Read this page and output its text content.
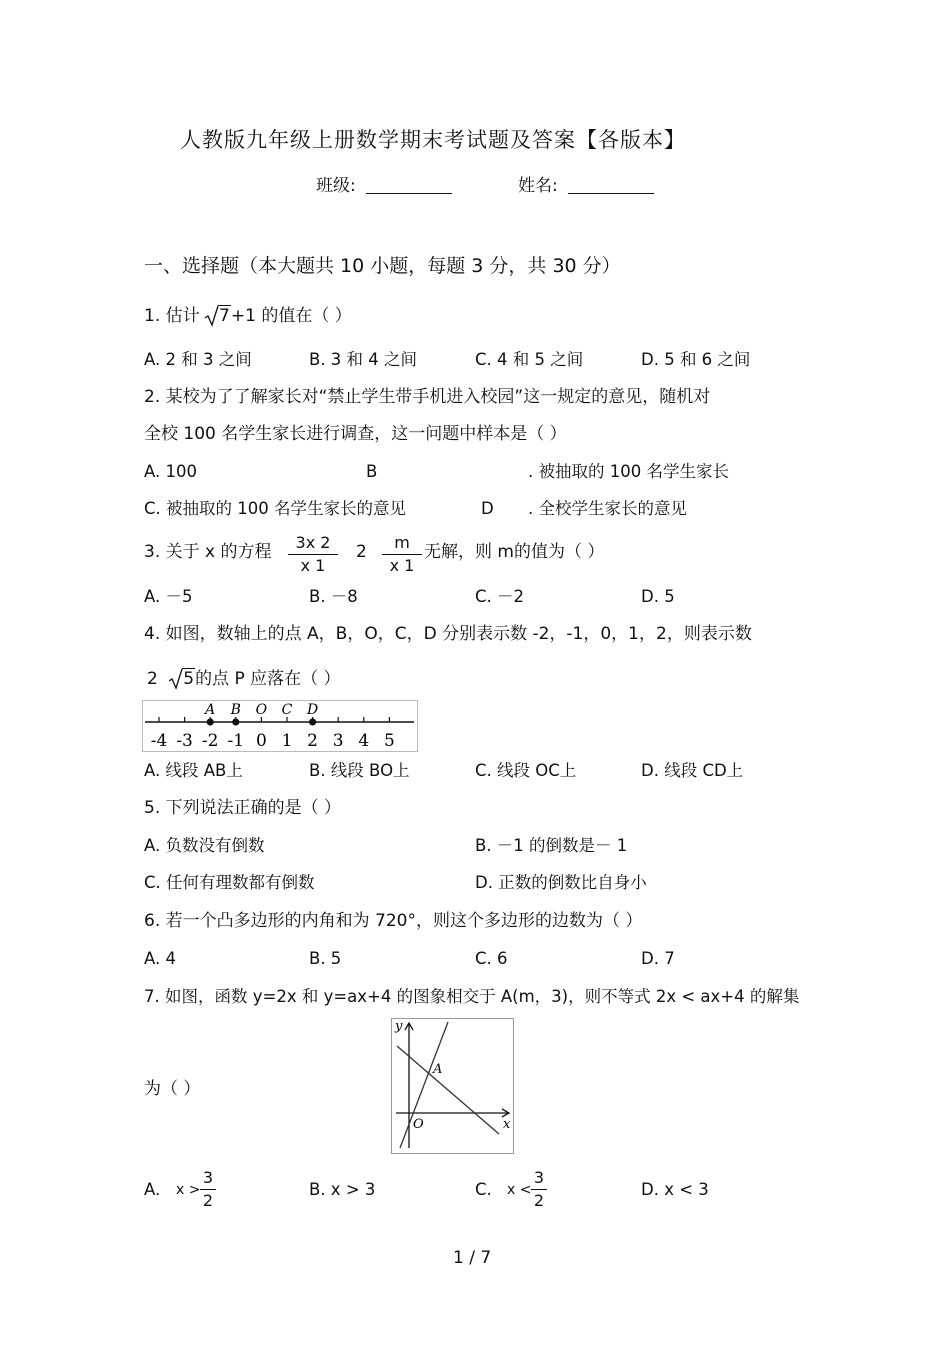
人教版九年级上册数学期末考试题及答案【各版本】
班级:	姓名:
一、选择题（本大题共 10 小题，每题 3 分，共 30 分）
1. 估计 7+1 的值在（ ）
A. 2 和 3 之间	B. 3 和 4 之间	C. 4 和 5 之间	D. 5 和 6 之间
2. 某校为了了解家长对“禁止学生带手机进入校园”这一规定的意见，随机对
全校 100 名学生家长进行调查，这一问题中样本是（ ）
A. 100	B	. 被抽取的 100 名学生家长
C. 被抽取的 100 名学生家长的意见	D . 全校学生家长的意见
3. 关于 x 的方程	3x 2
x 1
2	m
x 1
无解，则 m的值为（ ）
A. －5	B. －8	C. －2	D. 5
4. 如图，数轴上的点 A，B，O，C，D 分别表示数 -2，-1，0，1，2，则表示数
2 5的点 P 应落在（ ）
-4 -3 -2 -1 0 1 2 3 4 5
A B O C D
A. 线段 AB上	B. 线段 BO上	C. 线段 OC上	D. 线段 CD上
5. 下列说法正确的是（ ）
A. 负数没有倒数	B. －1 的倒数是－ 1
C. 任何有理数都有倒数	D. 正数的倒数比自身小
6. 若一个凸多边形的内角和为 720°，则这个多边形的边数为（ ）
A. 4	B. 5	C. 6	D. 7
7. 如图，函数 y=2x 和 y=ax+4 的图象相交于 A(m，3)，则不等式 2x < ax+4 的解集
y
x
O
A
为（ ）
A. x >
3
2
B. x > 3	C. x <
3
2
D. x < 3
1 / 7
